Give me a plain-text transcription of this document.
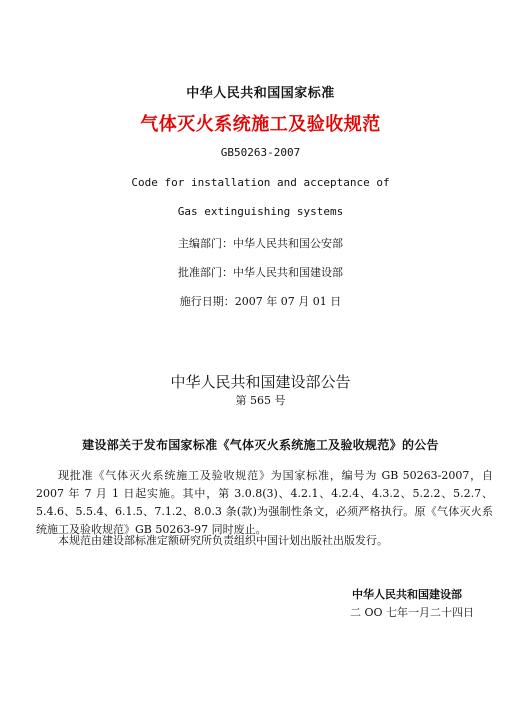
中华人民共和国国家标准
气体灭火系统施工及验收规范
GB50263-2007
Code for installation and acceptance of
Gas extinguishing systems
主编部门：中华人民共和国公安部
批准部门：中华人民共和国建设部
施行日期：2007 年 07 月 01 日
中华人民共和国建设部公告
第 565 号
建设部关于发布国家标准《气体灭火系统施工及验收规范》的公告
现批准《气体灭火系统施工及验收规范》为国家标准，编号为 GB 50263-2007，自 2007 年 7 月 1 日起实施。其中，第 3.0.8(3)、4.2.1、4.2.4、4.3.2、5.2.2、5.2.7、5.4.6、5.5.4、6.1.5、7.1.2、8.0.3 条(款)为强制性条文，必须严格执行。原《气体灭火系统施工及验收规范》GB 50263-97 同时废止。
本规范由建设部标准定额研究所负责组织中国计划出版社出版发行。
中华人民共和国建设部
二 OO 七年一月二十四日
